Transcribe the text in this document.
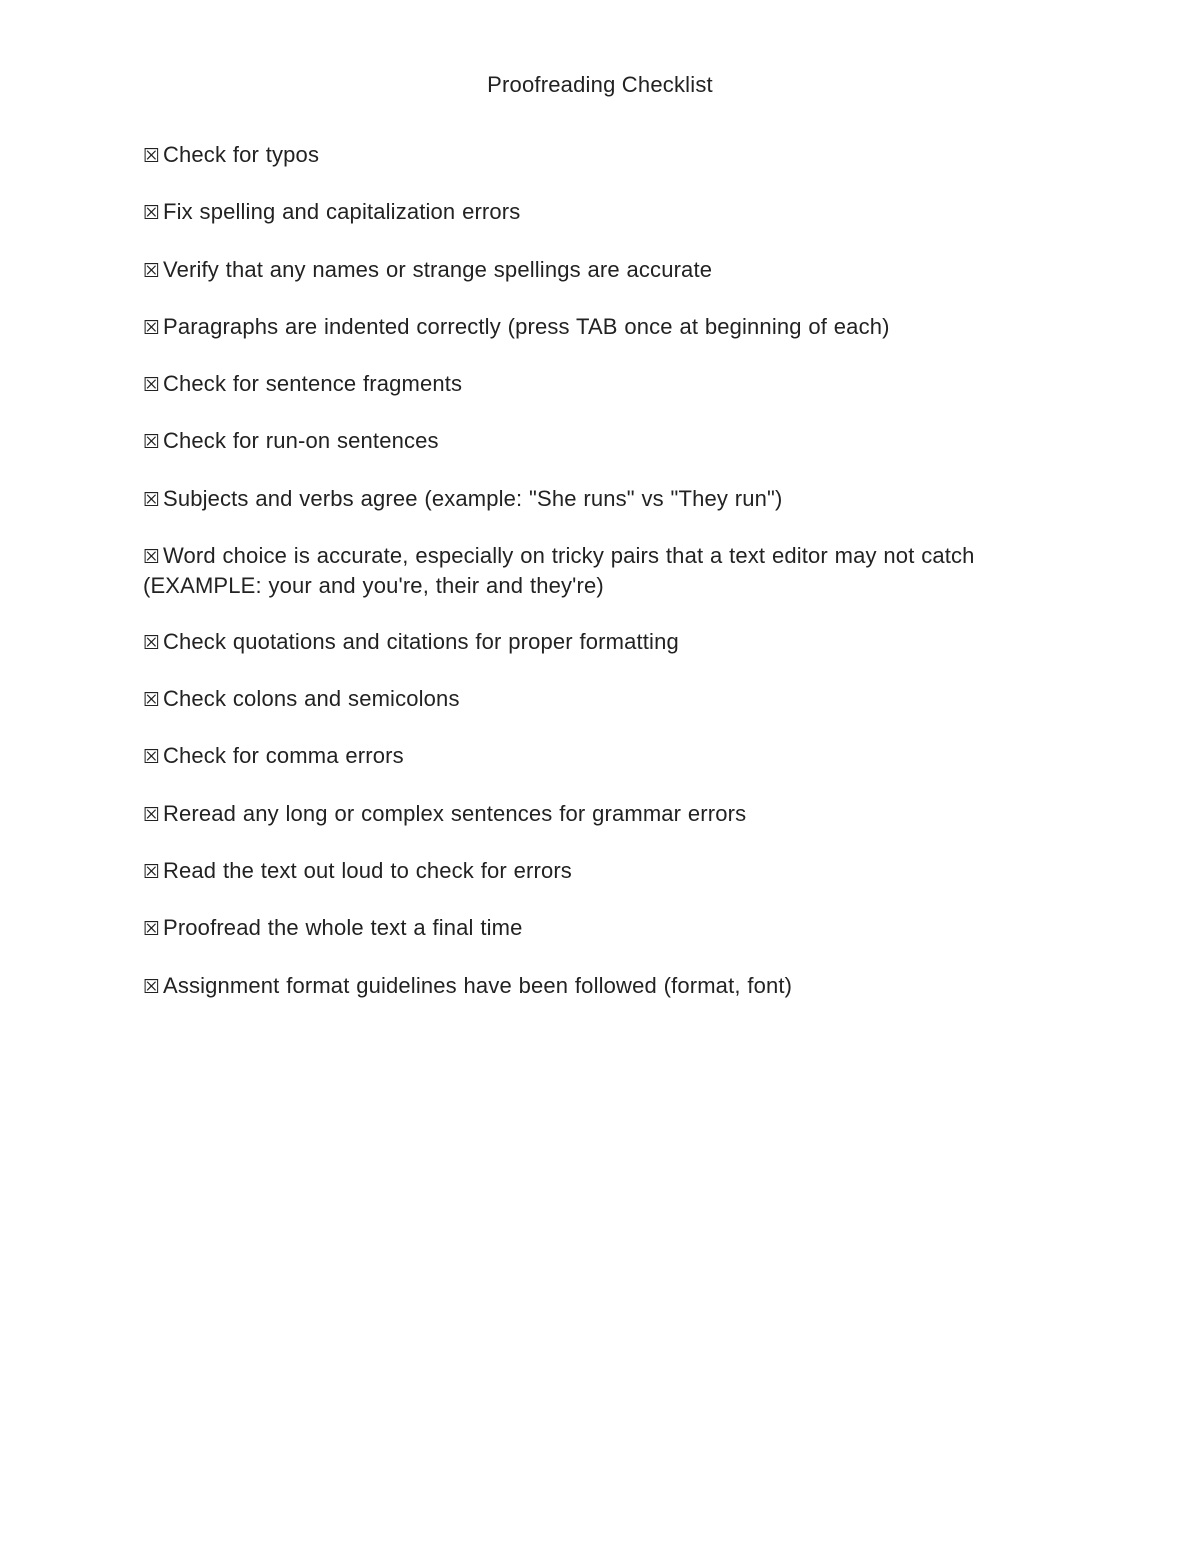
Proofreading Checklist
☒ Check for typos
☒ Fix spelling and capitalization errors
☒ Verify that any names or strange spellings are accurate
☒ Paragraphs are indented correctly (press TAB once at beginning of each)
☒ Check for sentence fragments
☒ Check for run-on sentences
☒ Subjects and verbs agree (example: "She runs" vs "They run")
☒ Word choice is accurate, especially on tricky pairs that a text editor may not catch (EXAMPLE: your and you're, their and they're)
☒ Check quotations and citations for proper formatting
☒ Check colons and semicolons
☒ Check for comma errors
☒ Reread any long or complex sentences for grammar errors
☒ Read the text out loud to check for errors
☒ Proofread the whole text a final time
☒ Assignment format guidelines have been followed (format, font)
